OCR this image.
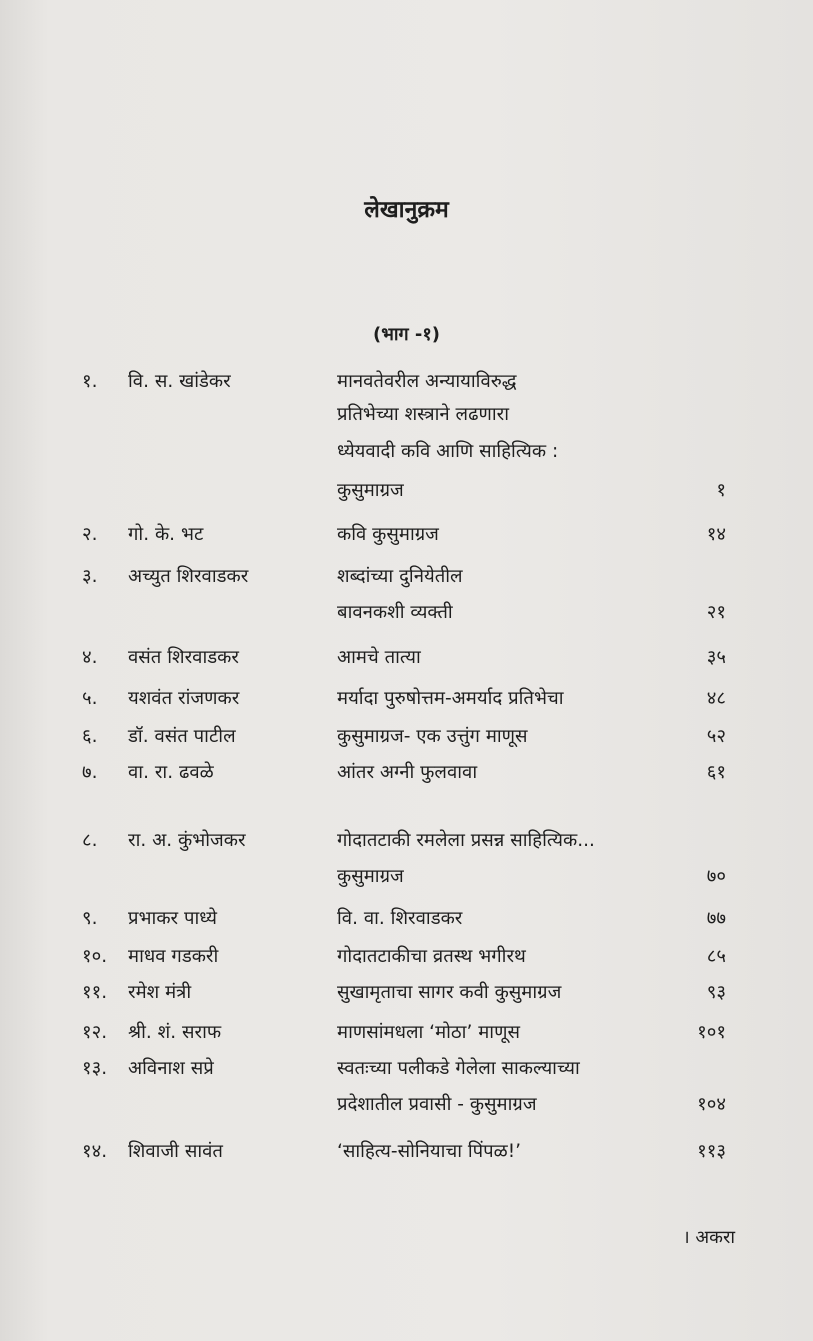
लेखानुक्रम
(भाग -१)
१.	वि. स. खांडेकर	मानवतेवरील अन्यायाविरुद्ध
प्रतिभेच्या शस्त्राने लढणारा
ध्येयवादी कवि आणि साहित्यिक :
कुसुमाग्रज	१
२.	गो. के. भट	कवि कुसुमाग्रज	१४
३.	अच्युत शिरवाडकर	शब्दांच्या दुनियेतील
बावनकशी व्यक्ती	२१
४.	वसंत शिरवाडकर	आमचे तात्या	३५
५.	यशवंत रांजणकर	मर्यादा पुरुषोत्तम-अमर्याद प्रतिभेचा	४८
६.	डॉ. वसंत पाटील	कुसुमाग्रज- एक उत्तुंग माणूस	५२
७.	वा. रा. ढवळे	आंतर अग्नी फुलवावा	६१
८.	रा. अ. कुंभोजकर	गोदातटाकी रमलेला प्रसन्न साहित्यिक...
कुसुमाग्रज	७०
९.	प्रभाकर पाध्ये	वि. वा. शिरवाडकर	७७
१०.	माधव गडकरी	गोदातटाकीचा व्रतस्थ भगीरथ	८५
११.	रमेश मंत्री	सुखामृताचा सागर कवी कुसुमाग्रज	९३
१२.	श्री. शं. सराफ	माणसांमधला ‘मोठा’ माणूस	१०१
१३.	अविनाश सप्रे	स्वतःच्या पलीकडे गेलेला साकल्याच्या
प्रदेशातील प्रवासी - कुसुमाग्रज	१०४
१४.	शिवाजी सावंत	‘साहित्य-सोनियाचा पिंपळ!’	११३
। अकरा
